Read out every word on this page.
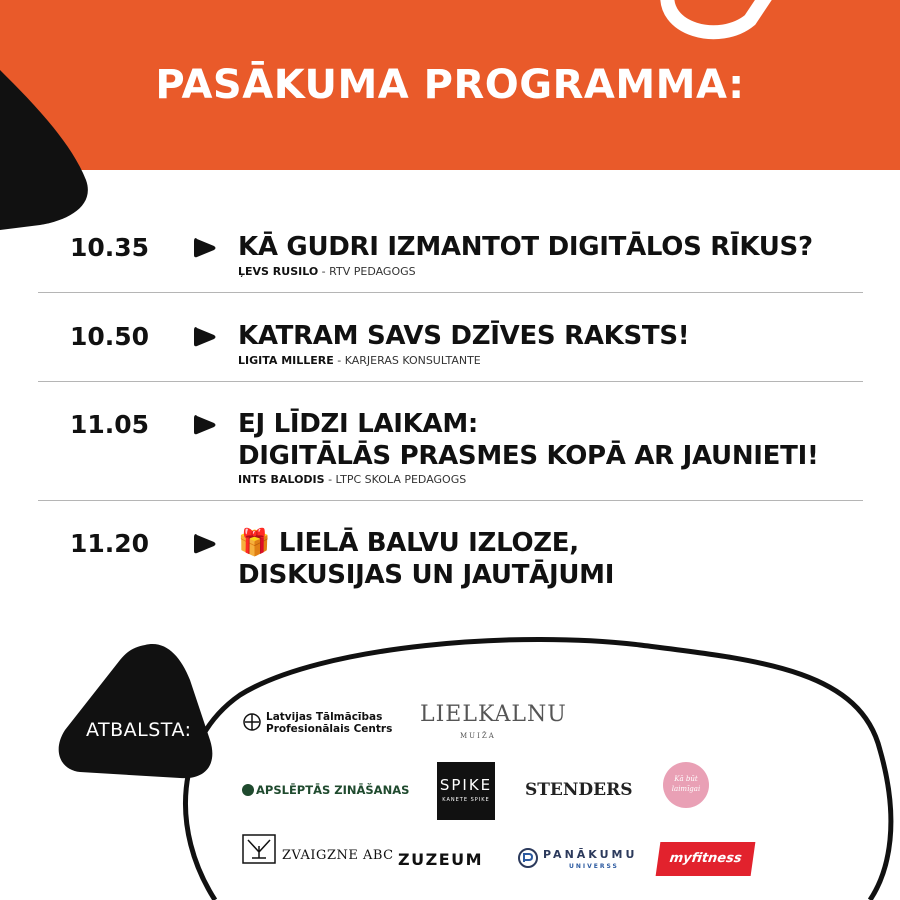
PASĀKUMA PROGRAMMA:
10.35	KĀ GUDRI IZMANTOT DIGITĀLOS RĪKUS?
ĻEVS RUSILO - RTV PEDAGOGS
10.50	KATRAM SAVS DZĪVES RAKSTS!
LIGITA MILLERE - KARJERAS KONSULTANTE
11.05	EJ LĪDZI LAIKAM:
DIGITĀLĀS PRASMES KOPĀ AR JAUNIETI!
INTS BALODIS - LTPC SKOLA PEDAGOGS
11.20	🎁 LIELĀ BALVU IZLOZE,
DISKUSIJAS UN JAUTĀJUMI
ATBALSTA:
Latvijas Tālmācības
Profesionālais Centrs
LIELKALNU
MUIŽA
APSLĒPTĀS ZINĀŠANAS SPIKE
KANETE SPIKE	STENDERS
Kā būt
laimīgai
ZVAIGZNE ABC ZUZEUM	PANĀKUMU
UNIVERSS
myfitness
